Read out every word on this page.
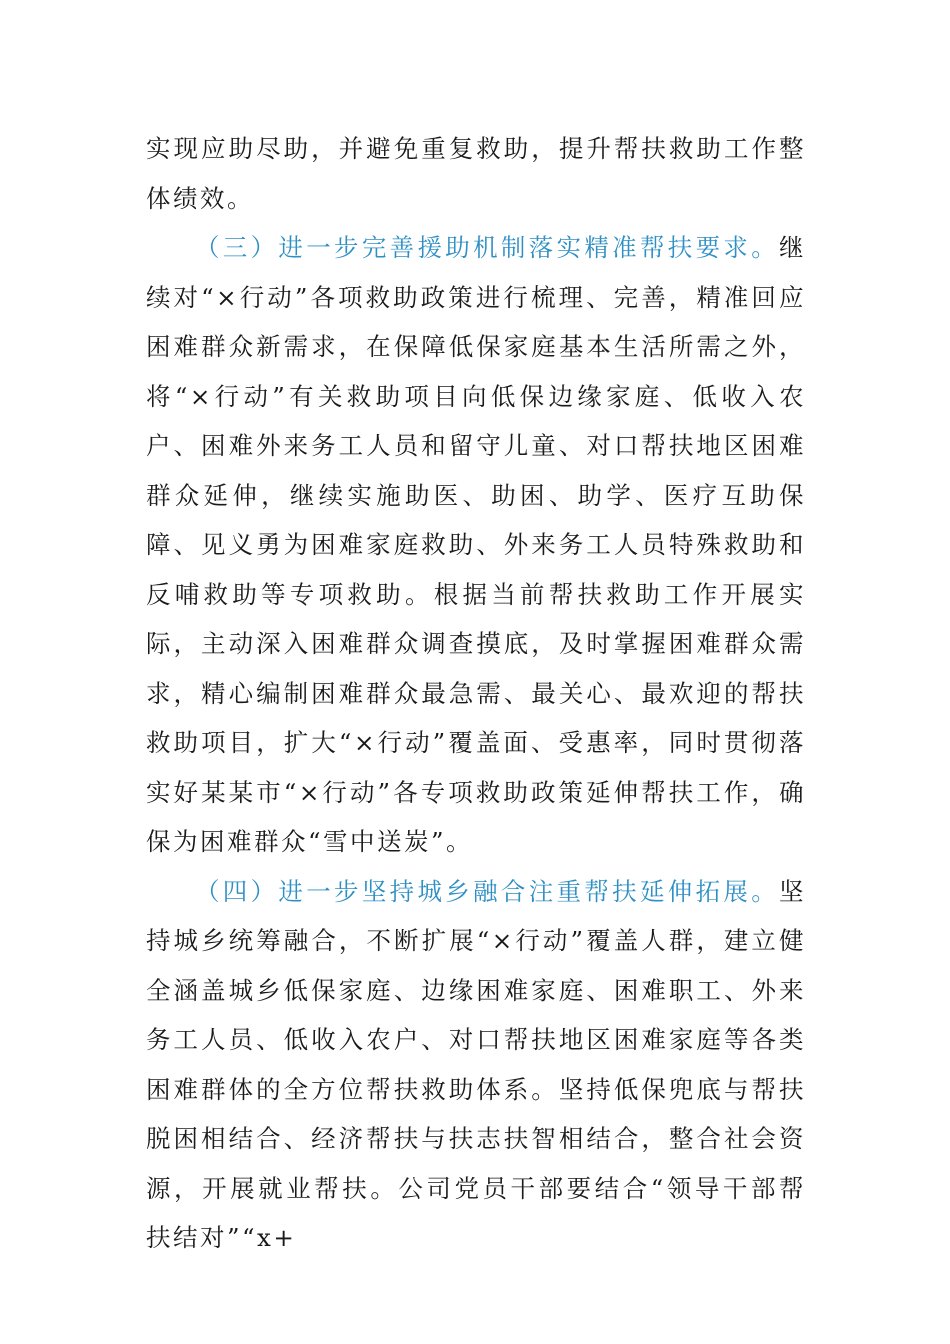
实现应助尽助，并避免重复救助，提升帮扶救助工作整体绩效。

（三）进一步完善援助机制落实精准帮扶要求。继续对“×行动”各项救助政策进行梳理、完善，精准回应困难群众新需求，在保障低保家庭基本生活所需之外，将“×行动”有关救助项目向低保边缘家庭、低收入农户、困难外来务工人员和留守儿童、对口帮扶地区困难群众延伸，继续实施助医、助困、助学、医疗互助保障、见义勇为困难家庭救助、外来务工人员特殊救助和反哺救助等专项救助。根据当前帮扶救助工作开展实际，主动深入困难群众调查摸底，及时掌握困难群众需求，精心编制困难群众最急需、最关心、最欢迎的帮扶救助项目，扩大“×行动”覆盖面、受惠率，同时贯彻落实好某某市“×行动”各专项救助政策延伸帮扶工作，确保为困难群众“雪中送炭”。

（四）进一步坚持城乡融合注重帮扶延伸拓展。坚持城乡统筹融合，不断扩展“×行动”覆盖人群，建立健全涵盖城乡低保家庭、边缘困难家庭、困难职工、外来务工人员、低收入农户、对口帮扶地区困难家庭等各类困难群体的全方位帮扶救助体系。坚持低保兜底与帮扶脱困相结合、经济帮扶与扶志扶智相结合，整合社会资源，开展就业帮扶。公司党员干部要结合“领导干部帮扶结对”“x+
